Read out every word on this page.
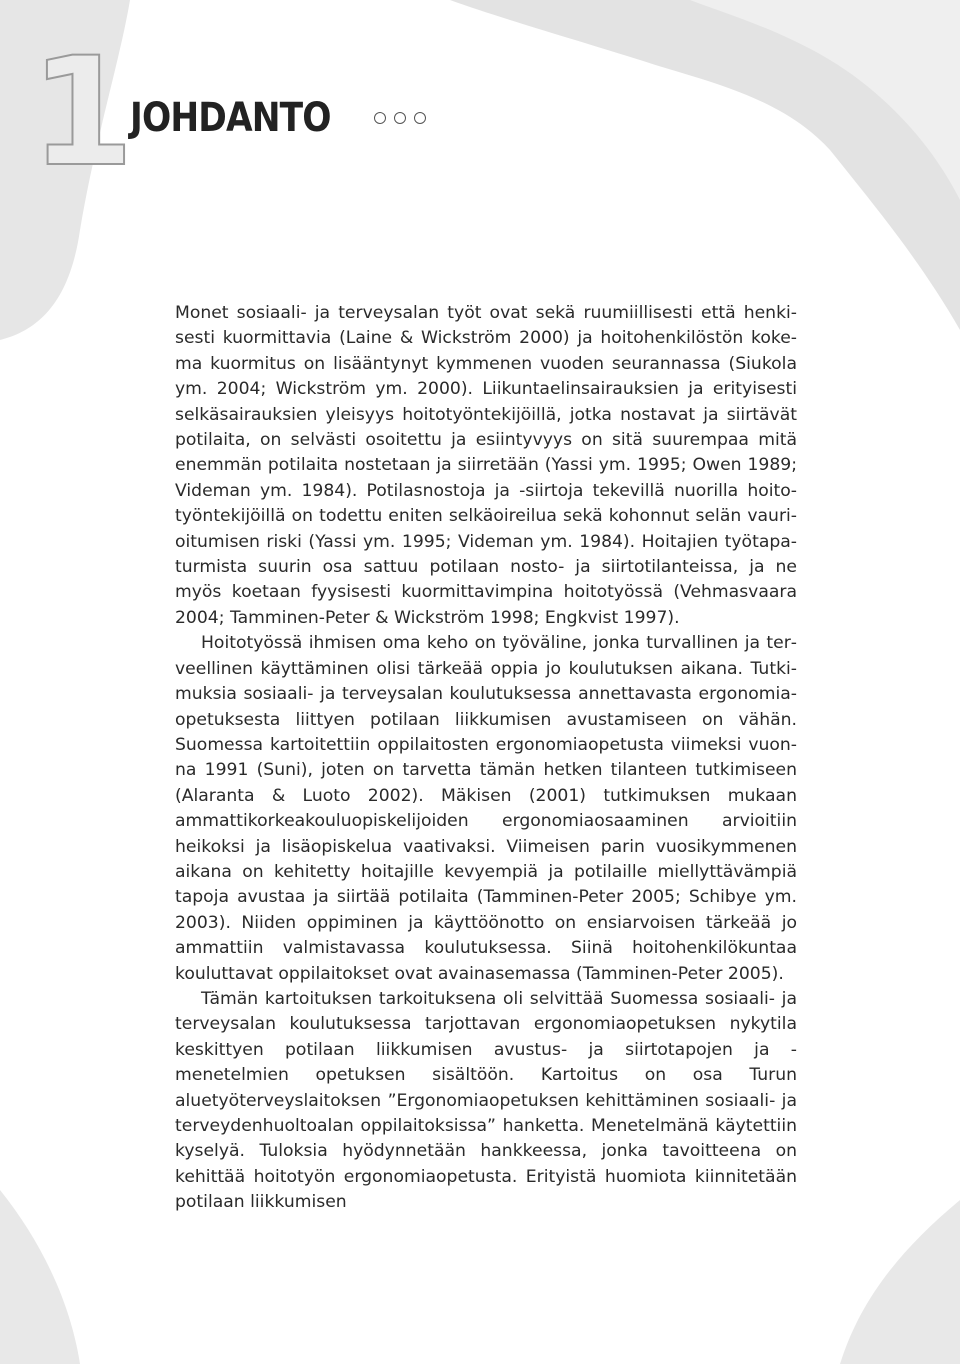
1 JOHDANTO

Monet sosiaali- ja terveysalan työt ovat sekä ruumiillisesti että henkisesti kuormittavia (Laine & Wickström 2000) ja hoitohenkilöstön kokema kuormitus on lisääntynyt kymmenen vuoden seurannassa (Siukola ym. 2004; Wickström ym. 2000). Liikuntaelinsairauksien ja erityisesti selkäsairauksien yleisyys hoitotyöntekijöillä, jotka nostavat ja siirtävät potilaita, on selvästi osoitettu ja esiintyvyys on sitä suurempaa mitä enemmän potilaita nostetaan ja siirretään (Yassi ym. 1995; Owen 1989; Videman ym. 1984). Potilasnostoja ja -siirtoja tekevillä nuorilla hoitotyöntekijöillä on todettu eniten selkäoireilua sekä kohonnut selän vaurioitumisen riski (Yassi ym. 1995; Videman ym. 1984). Hoitajien työtapaturmista suurin osa sattuu potilaan nosto- ja siirtotilanteissa, ja ne myös koetaan fyysisesti kuormittavimpina hoitotyössä (Vehmasvaara 2004; Tamminen-Peter & Wickström 1998; Engkvist 1997).

Hoitotyössä ihmisen oma keho on työväline, jonka turvallinen ja terveellinen käyttäminen olisi tärkeää oppia jo koulutuksen aikana. Tutkimuksia sosiaali- ja terveysalan koulutuksessa annettavasta ergonomiaopetuksesta liittyen potilaan liikkumisen avustamiseen on vähän. Suomessa kartoitettiin oppilaitosten ergonomiaopetusta viimeksi vuonna 1991 (Suni), joten on tarvetta tämän hetken tilanteen tutkimiseen (Alaranta & Luoto 2002). Mäkisen (2001) tutkimuksen mukaan ammattikorkeakouluopiskelijoiden ergonomiaosaaminen arvioitiin heikoksi ja lisäopiskelua vaativaksi. Viimeisen parin vuosikymmenen aikana on kehitetty hoitajille kevyempiä ja potilaille miellyttävämpiä tapoja avustaa ja siirtää potilaita (Tamminen-Peter 2005; Schibye ym. 2003). Niiden oppiminen ja käyttöönotto on ensiarvoisen tärkeää jo ammattiin valmistavassa koulutuksessa. Siinä hoitohenkilökuntaa kouluttavat oppilaitokset ovat avainasemassa (Tamminen-Peter 2005).

Tämän kartoituksen tarkoituksena oli selvittää Suomessa sosiaali- ja terveysalan koulutuksessa tarjottavan ergonomiaopetuksen nykytila keskittyen potilaan liikkumisen avustus- ja siirtotapojen ja -menetelmien opetuksen sisältöön. Kartoitus on osa Turun aluetyöterveyslaitoksen ”Ergonomiaopetuksen kehittäminen sosiaali- ja terveydenhuoltoalan oppilaitoksissa” hanketta. Menetelmänä käytettiin kyselyä. Tuloksia hyödynnetään hankkeessa, jonka tavoitteena on kehittää hoitotyön ergonomiaopetusta. Erityistä huomiota kiinnitetään potilaan liikkumisen
